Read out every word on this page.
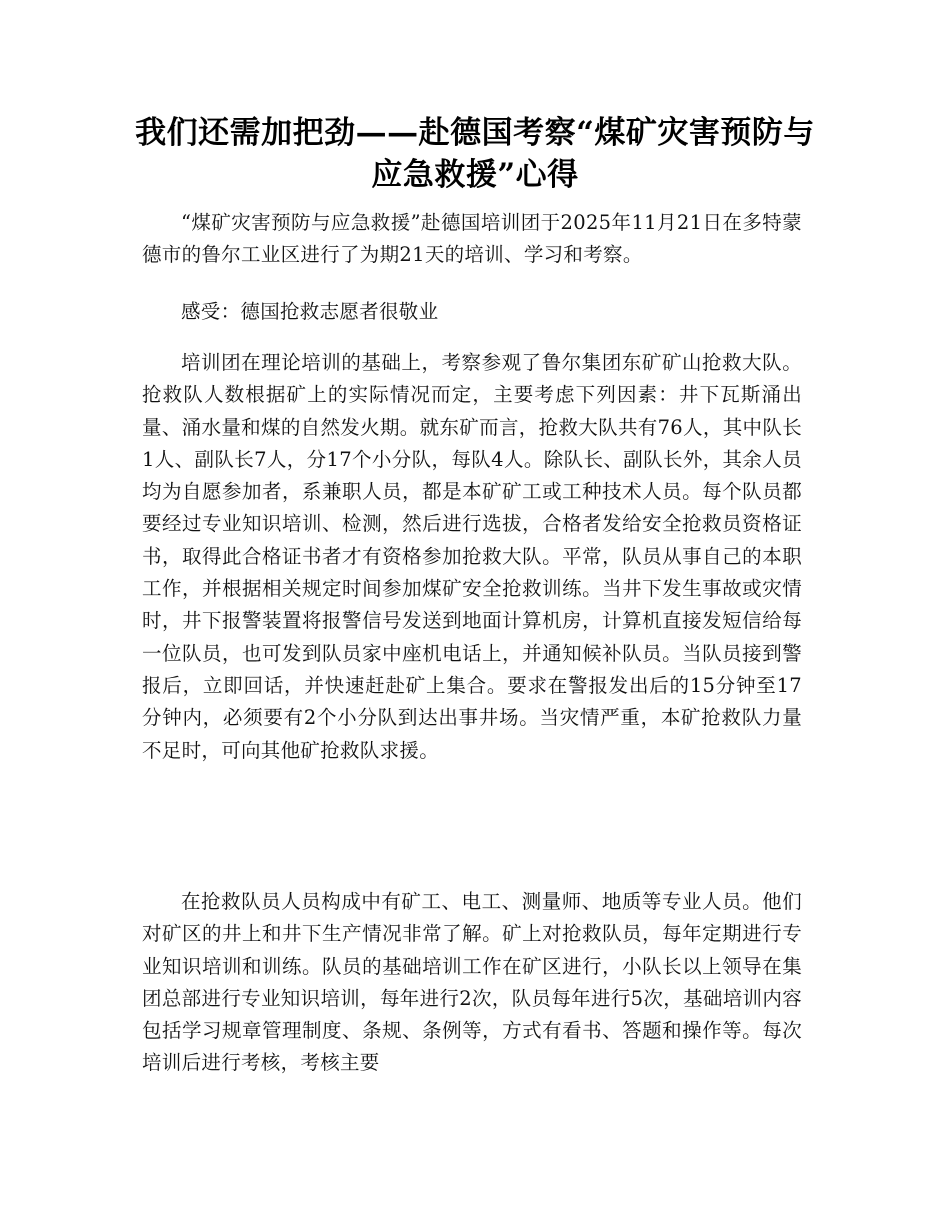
我们还需加把劲——赴德国考察“煤矿灾害预防与应急救援”心得

“煤矿灾害预防与应急救援”赴德国培训团于2025年11月21日在多特蒙德市的鲁尔工业区进行了为期21天的培训、学习和考察。

感受：德国抢救志愿者很敬业

培训团在理论培训的基础上，考察参观了鲁尔集团东矿矿山抢救大队。抢救队人数根据矿上的实际情况而定，主要考虑下列因素：井下瓦斯涌出量、涌水量和煤的自然发火期。就东矿而言，抢救大队共有76人，其中队长1人、副队长7人，分17个小分队，每队4人。除队长、副队长外，其余人员均为自愿参加者，系兼职人员，都是本矿矿工或工种技术人员。每个队员都要经过专业知识培训、检测，然后进行选拔，合格者发给安全抢救员资格证书，取得此合格证书者才有资格参加抢救大队。平常，队员从事自己的本职工作，并根据相关规定时间参加煤矿安全抢救训练。当井下发生事故或灾情时，井下报警装置将报警信号发送到地面计算机房，计算机直接发短信给每一位队员，也可发到队员家中座机电话上，并通知候补队员。当队员接到警报后，立即回话，并快速赶赴矿上集合。要求在警报发出后的15分钟至17分钟内，必须要有2个小分队到达出事井场。当灾情严重，本矿抢救队力量不足时，可向其他矿抢救队求援。

在抢救队员人员构成中有矿工、电工、测量师、地质等专业人员。他们对矿区的井上和井下生产情况非常了解。矿上对抢救队员，每年定期进行专业知识培训和训练。队员的基础培训工作在矿区进行，小队长以上领导在集团总部进行专业知识培训，每年进行2次，队员每年进行5次，基础培训内容包括学习规章管理制度、条规、条例等，方式有看书、答题和操作等。每次培训后进行考核，考核主要
